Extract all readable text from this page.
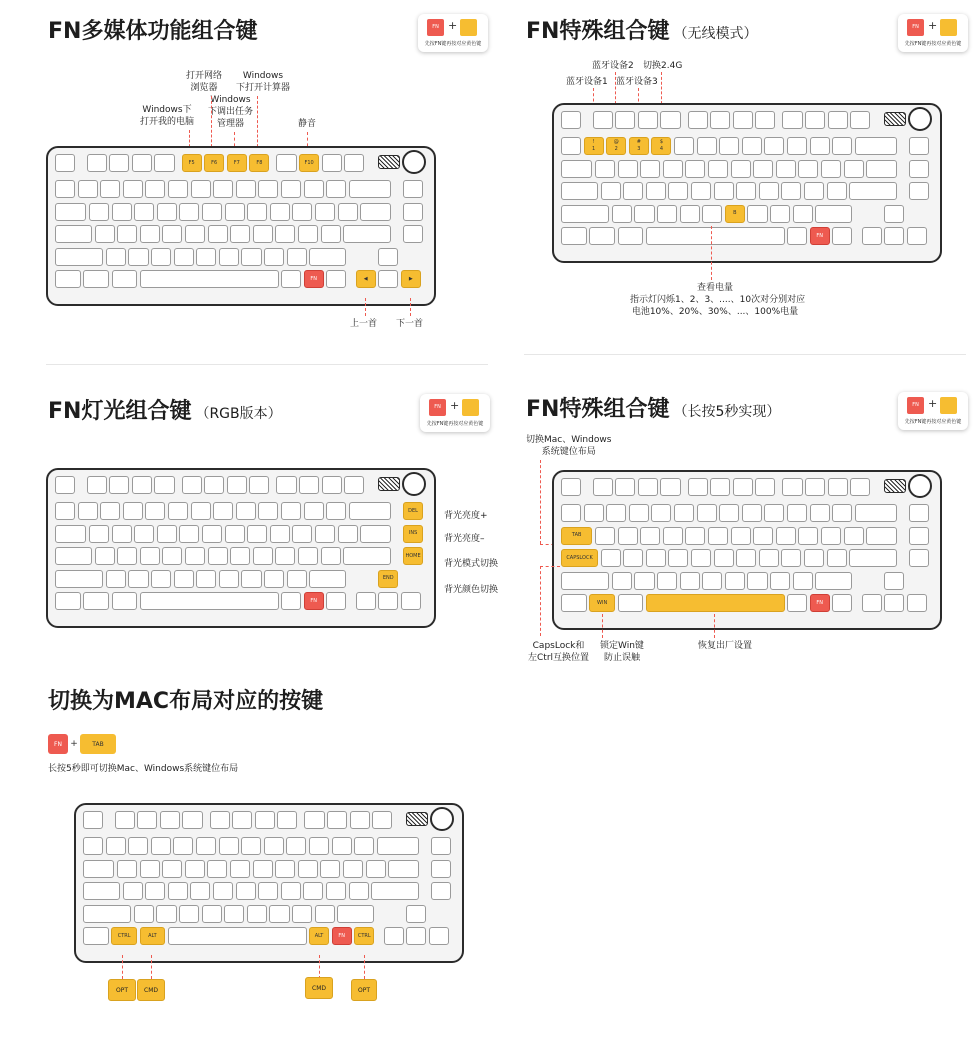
FN多媒体功能组合键	FN +
先按FN键再按对应黄色键
Windows下
打开我的电脑
打开网络
浏览器
Windows
下调出任务
管理器
Windows
下打开计算器
静音
F5	F6	F7	F8	F10
FN	◀	▶
上一首 下一首
FN特殊组合键 （无线模式）	FN +
先按FN键再按对应黄色键
蓝牙设备2 切换2.4G
蓝牙设备1 蓝牙设备3
!
1
@
2
#
3
$
4
B
FN
查看电量
指示灯闪烁1、2、3、....、10次对分别对应
电池10%、20%、30%、...、100%电量
FN灯光组合键 （RGB版本）	FN +
先按FN键再按对应黄色键
DEL
INS
HOME
END
FN
背光亮度+
背光亮度–
背光模式切换
背光颜色切换
FN特殊组合键 （长按5秒实现）	FN +
先按FN键再按对应黄色键
切换Mac、Windows
系统键位布局
TAB
CAPSLOCK
WIN	FN
CapsLock和
左Ctrl互换位置
锁定Win键
防止误触
恢复出厂设置
切换为MAC布局对应的按键
FN +	TAB
长按5秒即可切换Mac、Windows系统键位布局
CTRL	ALT	ALT	FN	CTRL
OPT	CMD	CMD	OPT
